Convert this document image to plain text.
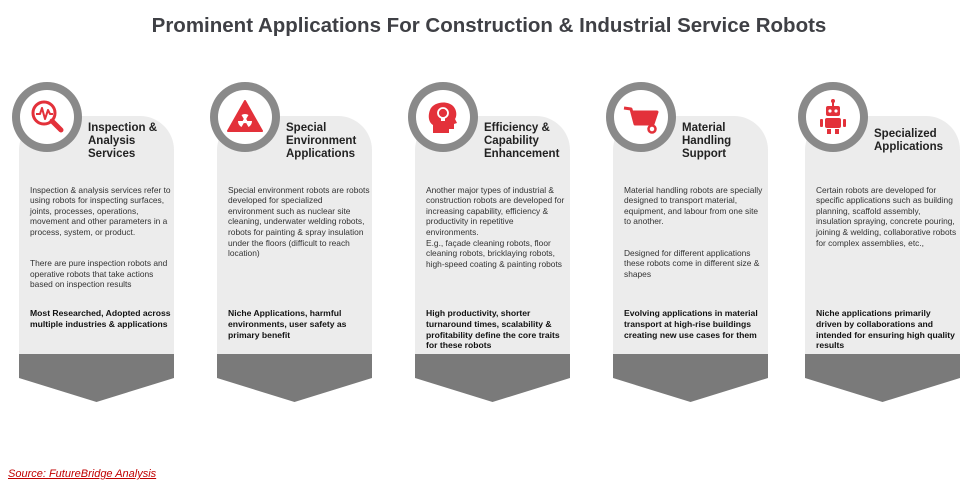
Prominent Applications For Construction & Industrial Service Robots
Inspection & Analysis Services

Inspection & analysis services refer to using robots for inspecting surfaces, joints, processes, operations, movement and other parameters in a process, system, or product.

There are pure inspection robots and operative robots that take actions based on inspection results

Most Researched, Adopted across multiple industries & applications
Special Environment Applications

Special environment robots are robots developed for specialized environment such as nuclear site cleaning, underwater welding robots, robots for painting & spray insulation under the floors (difficult to reach location)

Niche Applications, harmful environments, user safety as primary benefit
Efficiency & Capability Enhancement

Another major types of industrial & construction robots are developed for increasing capability, efficiency & productivity in repetitive environments.
E.g., façade cleaning robots, floor cleaning robots, bricklaying robots, high-speed coating & painting robots

High productivity, shorter turnaround times, scalability & profitability define the core traits for these robots
Material Handling Support

Material handling robots are specially designed to transport material, equipment, and labour from one site to another.

Designed for different applications these robots come in different size & shapes

Evolving applications in material transport at high-rise buildings creating new use cases for them
Specialized Applications

Certain robots are developed for specific applications such as building planning, scaffold assembly, insulation spraying, concrete pouring, joining & welding, collaborative robots for complex assemblies, etc.,

Niche applications primarily driven by collaborations and intended for ensuring high quality results
Source: FutureBridge Analysis
